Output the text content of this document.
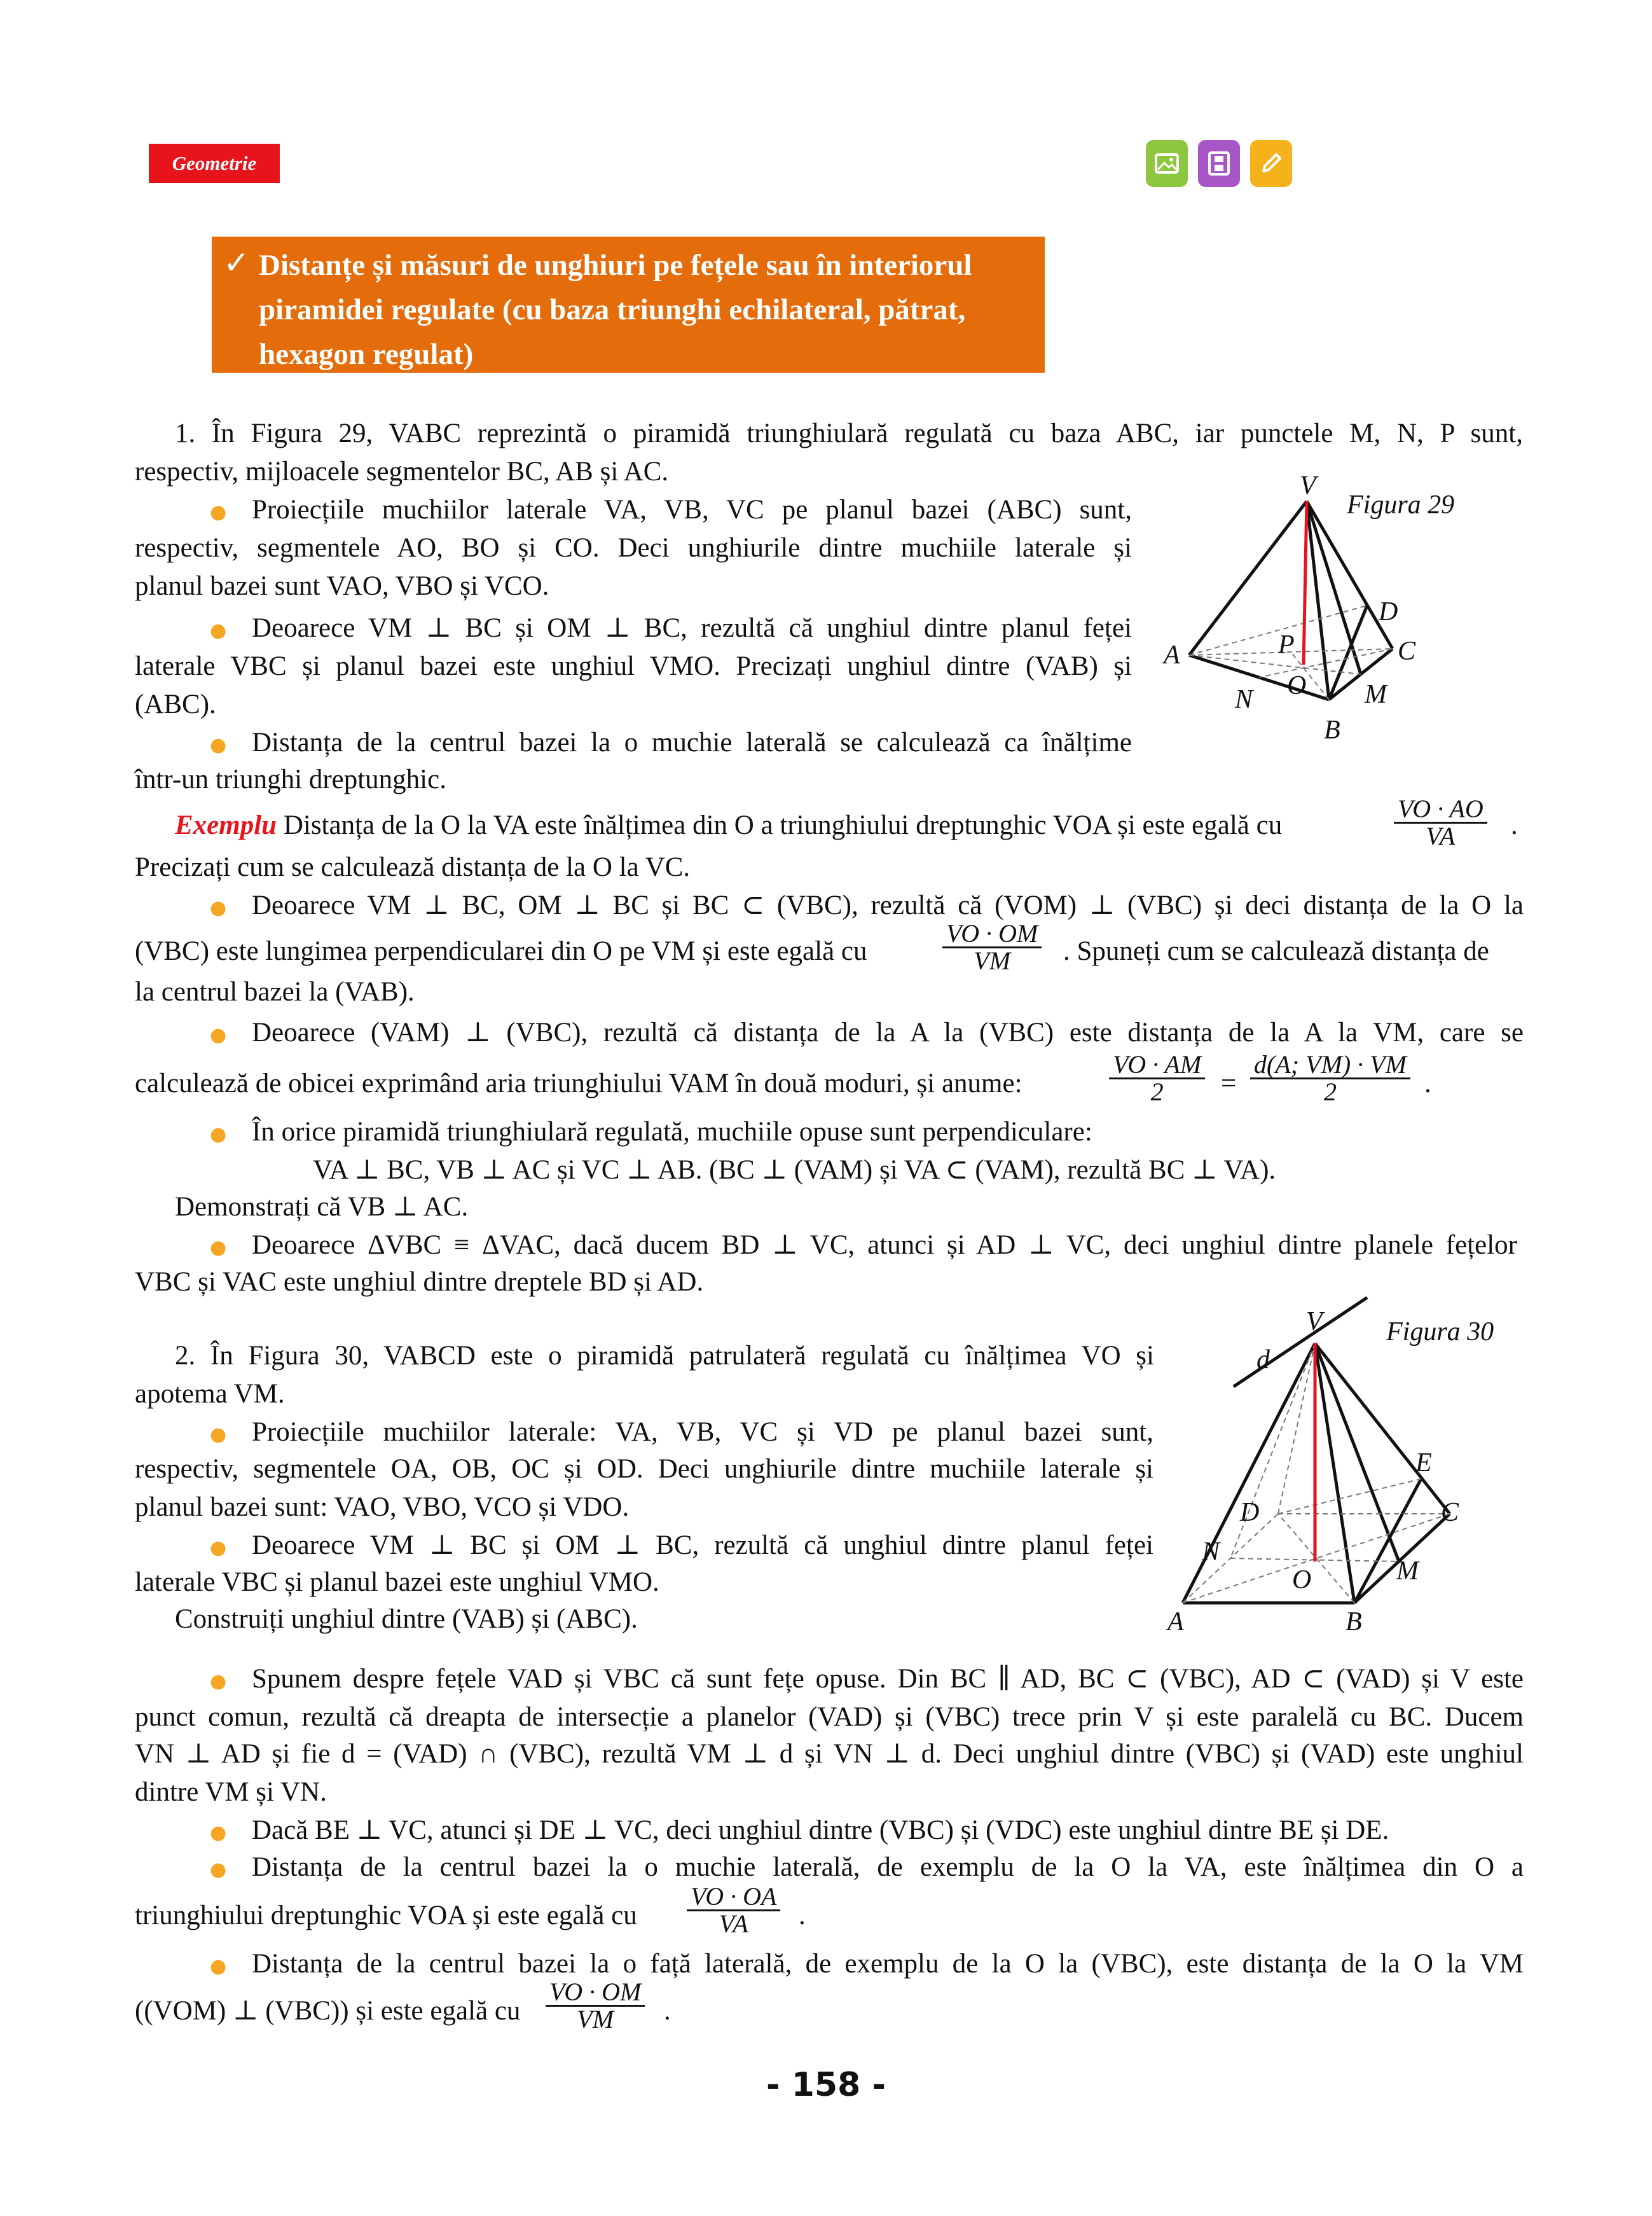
Geometrie
✓ Distanțe și măsuri de unghiuri pe fețele sau în interiorul
piramidei regulate (cu baza triunghi echilateral, pătrat,
hexagon regulat)
1. În Figura 29, VABC reprezintă o piramidă triunghiulară regulată cu baza ABC, iar punctele M, N, P sunt,
respectiv, mijloacele segmentelor BC, AB și AC.
● Proiecțiile muchiilor laterale VA, VB, VC pe planul bazei (ABC) sunt,
respectiv, segmentele AO, BO și CO. Deci unghiurile dintre muchiile laterale și
planul bazei sunt VAO, VBO și VCO.
● Deoarece VM ⊥ BC și OM ⊥ BC, rezultă că unghiul dintre planul feței
laterale VBC și planul bazei este unghiul VMO. Precizați unghiul dintre (VAB) și
(ABC).
● Distanța de la centrul bazei la o muchie laterală se calculează ca înălțime
într-un triunghi dreptunghic.
V
Figura 29
D
A	P	C
O M
N
B
Exemplu Distanța de la O la VA este înălțimea din O a triunghiului dreptunghic VOA și este egală cu	$\frac{VO \cdot AO}{VA}$ .
Precizați cum se calculează distanța de la O la VC.
● Deoarece VM ⊥ BC, OM ⊥ BC și BC ⊂ (VBC), rezultă că (VOM) ⊥ (VBC) și deci distanța de la O la
(VBC) este lungimea perpendicularei din O pe VM și este egală cu	$\frac{VO \cdot OM}{VM}$ . Spuneți cum se calculează distanța de
la centrul bazei la (VAB).
● Deoarece (VAM) ⊥ (VBC), rezultă că distanța de la A la (VBC) este distanța de la A la VM, care se
calculează de obicei exprimând aria triunghiului VAM în două moduri, și anume:	$\frac{VO \cdot AM}{2} = \frac{d(A; VM) \cdot VM}{2}$ .
● În orice piramidă triunghiulară regulată, muchiile opuse sunt perpendiculare:
VA ⊥ BC, VB ⊥ AC și VC ⊥ AB. (BC ⊥ (VAM) și VA ⊂ (VAM), rezultă BC ⊥ VA).
Demonstrați că VB ⊥ AC.
● Deoarece ΔVBC ≡ ΔVAC, dacă ducem BD ⊥ VC, atunci și AD ⊥ VC, deci unghiul dintre planele fețelor
VBC și VAC este unghiul dintre dreptele BD și AD.
2. În Figura 30, VABCD este o piramidă patrulateră regulată cu înălțimea VO și
apotema VM.
● Proiecțiile muchiilor laterale: VA, VB, VC și VD pe planul bazei sunt,
respectiv, segmentele OA, OB, OC și OD. Deci unghiurile dintre muchiile laterale și
planul bazei sunt: VAO, VBO, VCO și VDO.
● Deoarece VM ⊥ BC și OM ⊥ BC, rezultă că unghiul dintre planul feței
laterale VBC și planul bazei este unghiul VMO.
Construiți unghiul dintre (VAB) și (ABC).
V Figura 30
d
E
D	C
N
M
O
A	B
● Spunem despre fețele VAD și VBC că sunt fețe opuse. Din BC ∥ AD, BC ⊂ (VBC), AD ⊂ (VAD) și V este
punct comun, rezultă că dreapta de intersecție a planelor (VAD) și (VBC) trece prin V și este paralelă cu BC. Ducem
VN ⊥ AD și fie d = (VAD) ∩ (VBC), rezultă VM ⊥ d și VN ⊥ d. Deci unghiul dintre (VBC) și (VAD) este unghiul
dintre VM și VN.
● Dacă BE ⊥ VC, atunci și DE ⊥ VC, deci unghiul dintre (VBC) și (VDC) este unghiul dintre BE și DE.
● Distanța de la centrul bazei la o muchie laterală, de exemplu de la O la VA, este înălțimea din O a
triunghiului dreptunghic VOA și este egală cu $\frac{VO \cdot OA}{VA}$ .
● Distanța de la centrul bazei la o față laterală, de exemplu de la O la (VBC), este distanța de la O la VM
((VOM) ⊥ (VBC)) și este egală cu $\frac{VO \cdot OM}{VM}$ .
- 158 -
